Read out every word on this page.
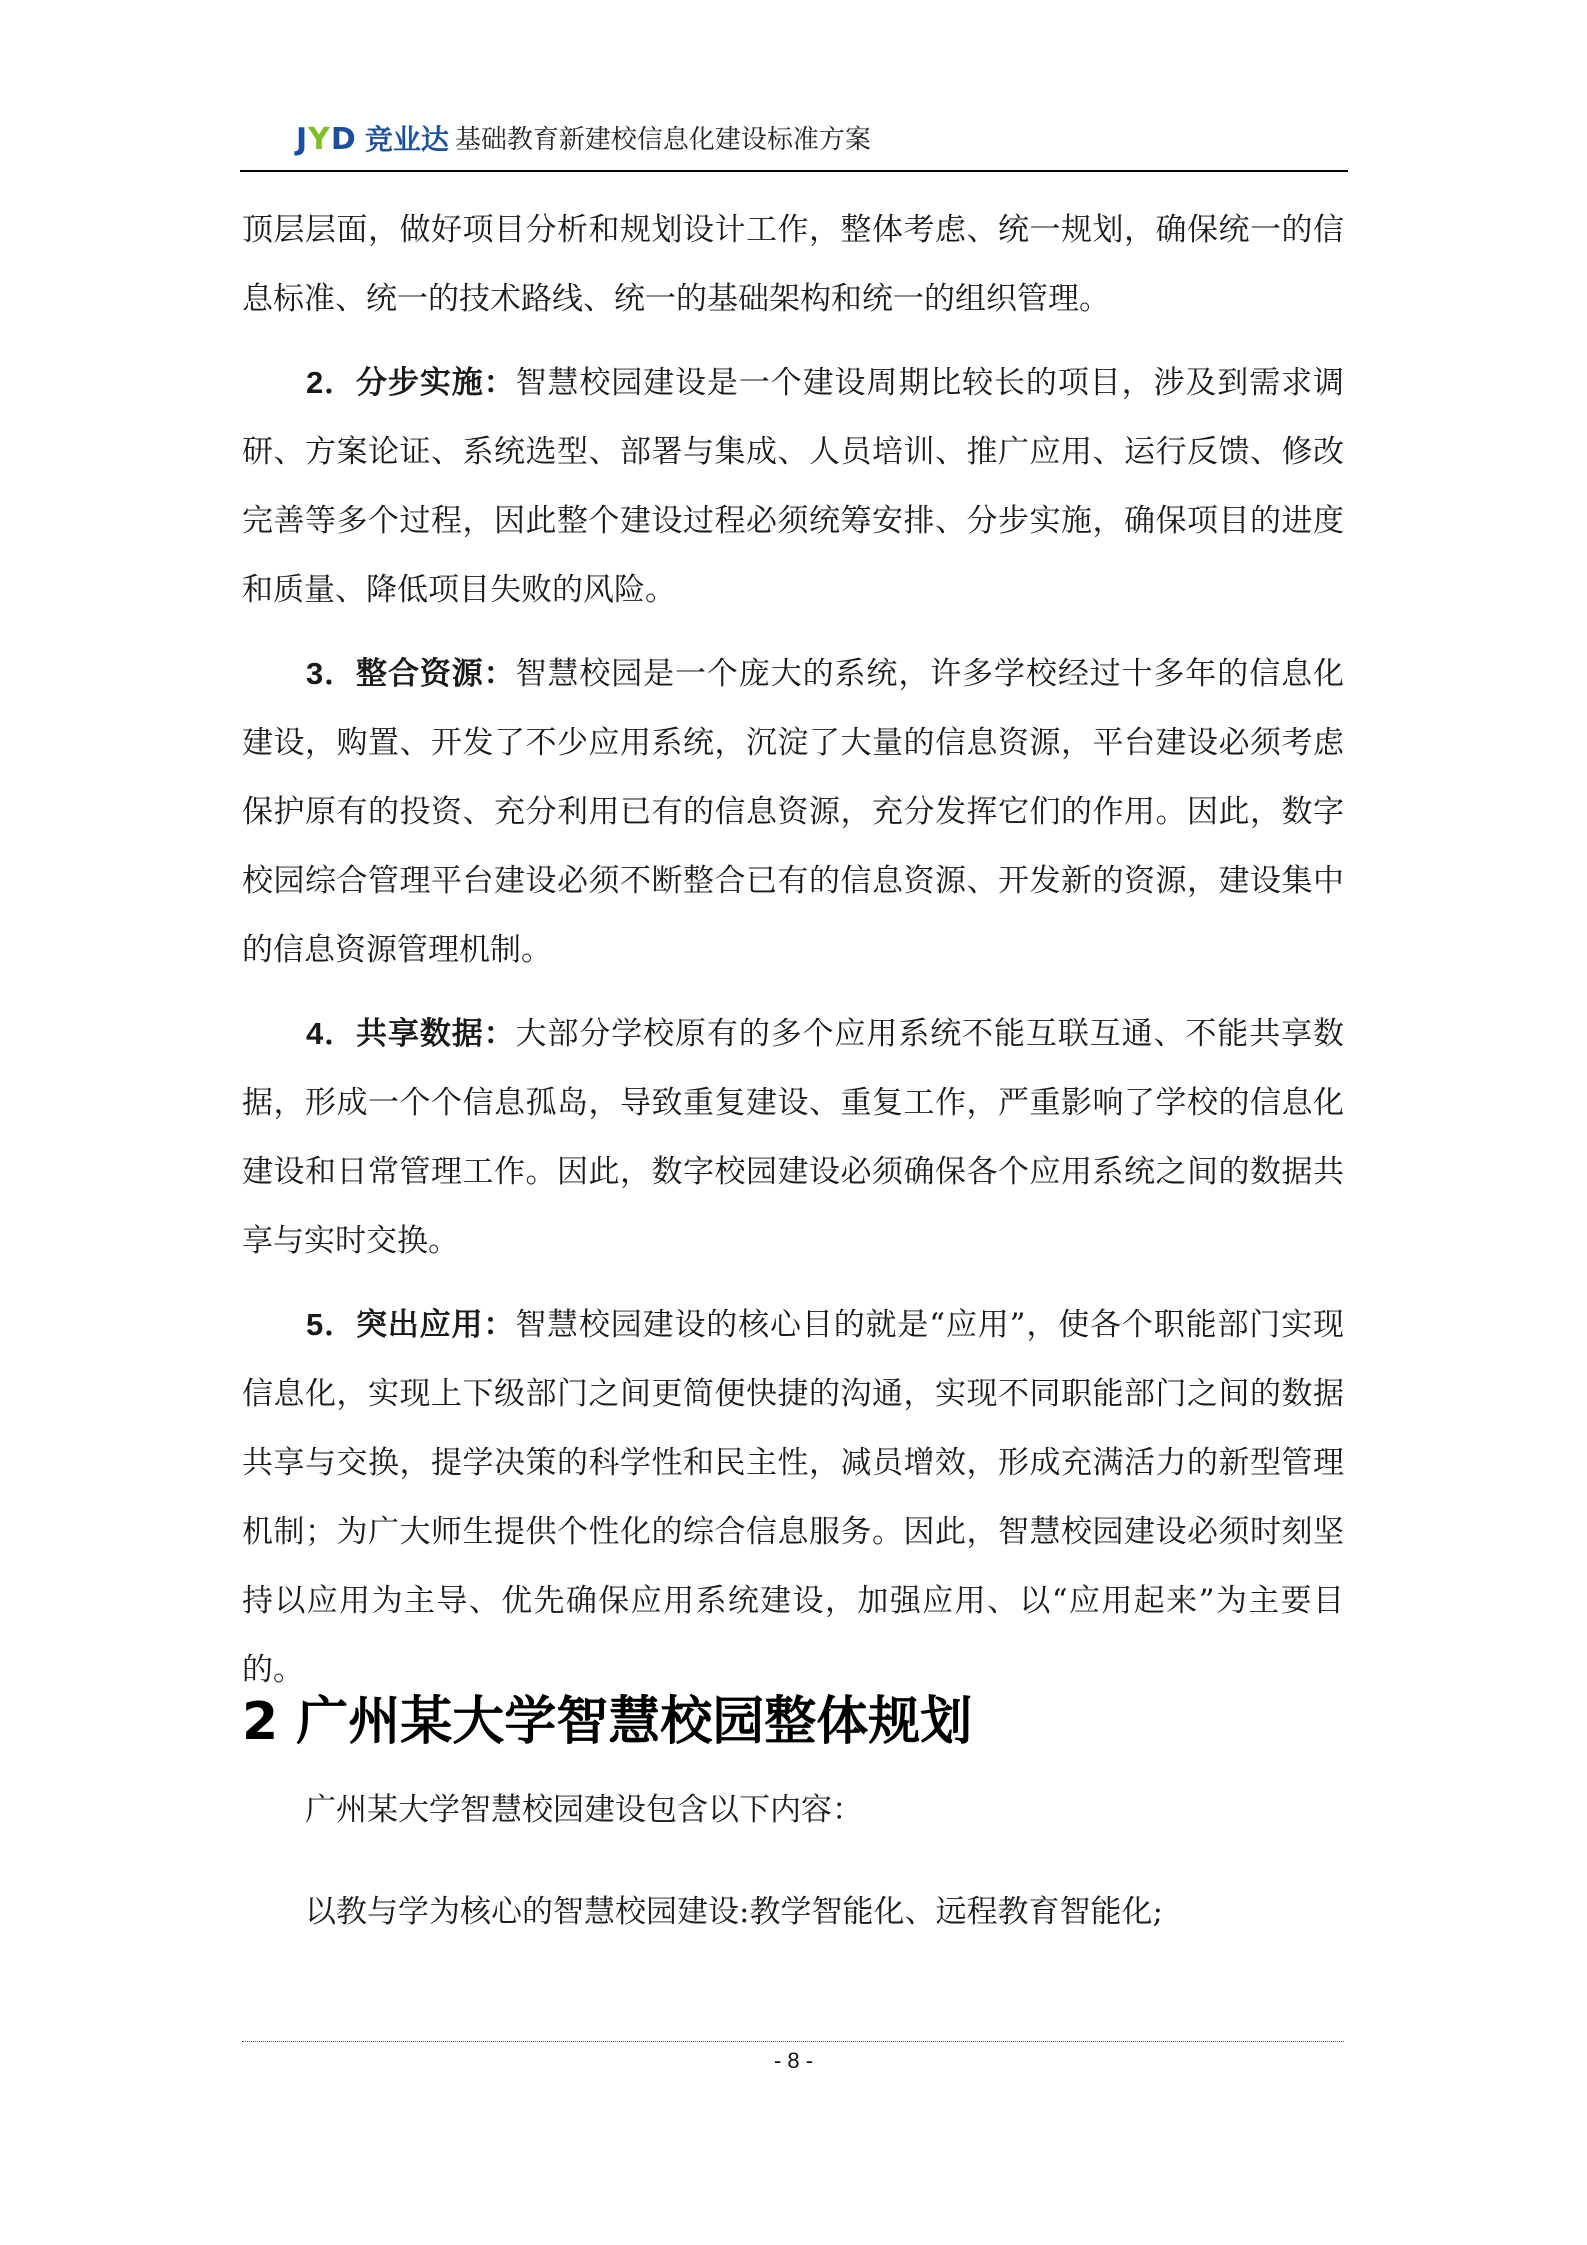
JYD 竞业达 基础教育新建校信息化建设标准方案

顶层层面，做好项目分析和规划设计工作，整体考虑、统一规划，确保统一的信息标准、统一的技术路线、统一的基础架构和统一的组织管理。

2．分步实施：智慧校园建设是一个建设周期比较长的项目，涉及到需求调研、方案论证、系统选型、部署与集成、人员培训、推广应用、运行反馈、修改完善等多个过程，因此整个建设过程必须统筹安排、分步实施，确保项目的进度和质量、降低项目失败的风险。

3．整合资源：智慧校园是一个庞大的系统，许多学校经过十多年的信息化建设，购置、开发了不少应用系统，沉淀了大量的信息资源，平台建设必须考虑保护原有的投资、充分利用已有的信息资源，充分发挥它们的作用。因此，数字校园综合管理平台建设必须不断整合已有的信息资源、开发新的资源，建设集中的信息资源管理机制。

4．共享数据：大部分学校原有的多个应用系统不能互联互通、不能共享数据，形成一个个信息孤岛，导致重复建设、重复工作，严重影响了学校的信息化建设和日常管理工作。因此，数字校园建设必须确保各个应用系统之间的数据共享与实时交换。

5．突出应用：智慧校园建设的核心目的就是“应用”，使各个职能部门实现信息化，实现上下级部门之间更简便快捷的沟通，实现不同职能部门之间的数据共享与交换，提学决策的科学性和民主性，减员增效，形成充满活力的新型管理机制；为广大师生提供个性化的综合信息服务。因此，智慧校园建设必须时刻坚持以应用为主导、优先确保应用系统建设，加强应用、以“应用起来”为主要目的。

2 广州某大学智慧校园整体规划

广州某大学智慧校园建设包含以下内容：

以教与学为核心的智慧校园建设:教学智能化、远程教育智能化;

- 8 -
